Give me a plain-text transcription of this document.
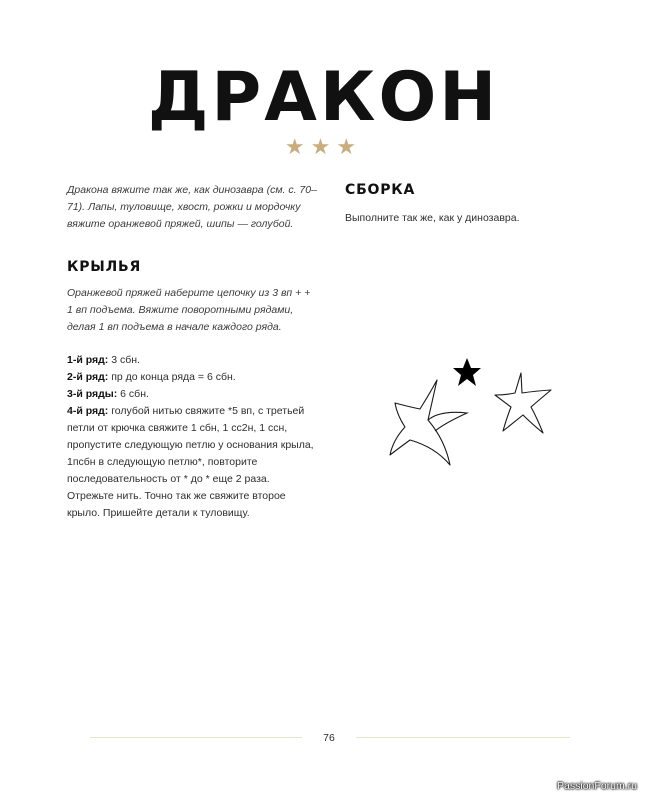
ДРАКОН
★★★

Дракона вяжите так же, как динозавра (см. с. 70–71). Лапы, туловище, хвост, рожки и мордочку вяжите оранжевой пряжей, шипы — голубой.

КРЫЛЬЯ

Оранжевой пряжей наберите цепочку из 3 вп + + 1 вп подъема. Вяжите поворотными рядами, делая 1 вп подъема в начале каждого ряда.

1-й ряд: 3 сбн.

2-й ряд: пр до конца ряда = 6 сбн.

3-й ряды: 6 сбн.

4-й ряд: голубой нитью свяжите *5 вп, с третьей петли от крючка свяжите 1 сбн, 1 сс2н, 1 ссн, пропустите следующую петлю у основания крыла, 1псбн в следующую петлю*, повторите последовательность от * до * еще 2 раза. Отрежьте нить. Точно так же свяжите второе крыло. Пришейте детали к туловищу.

СБОРКА

Выполните так же, как у динозавра.

76
PassionForum.ru
